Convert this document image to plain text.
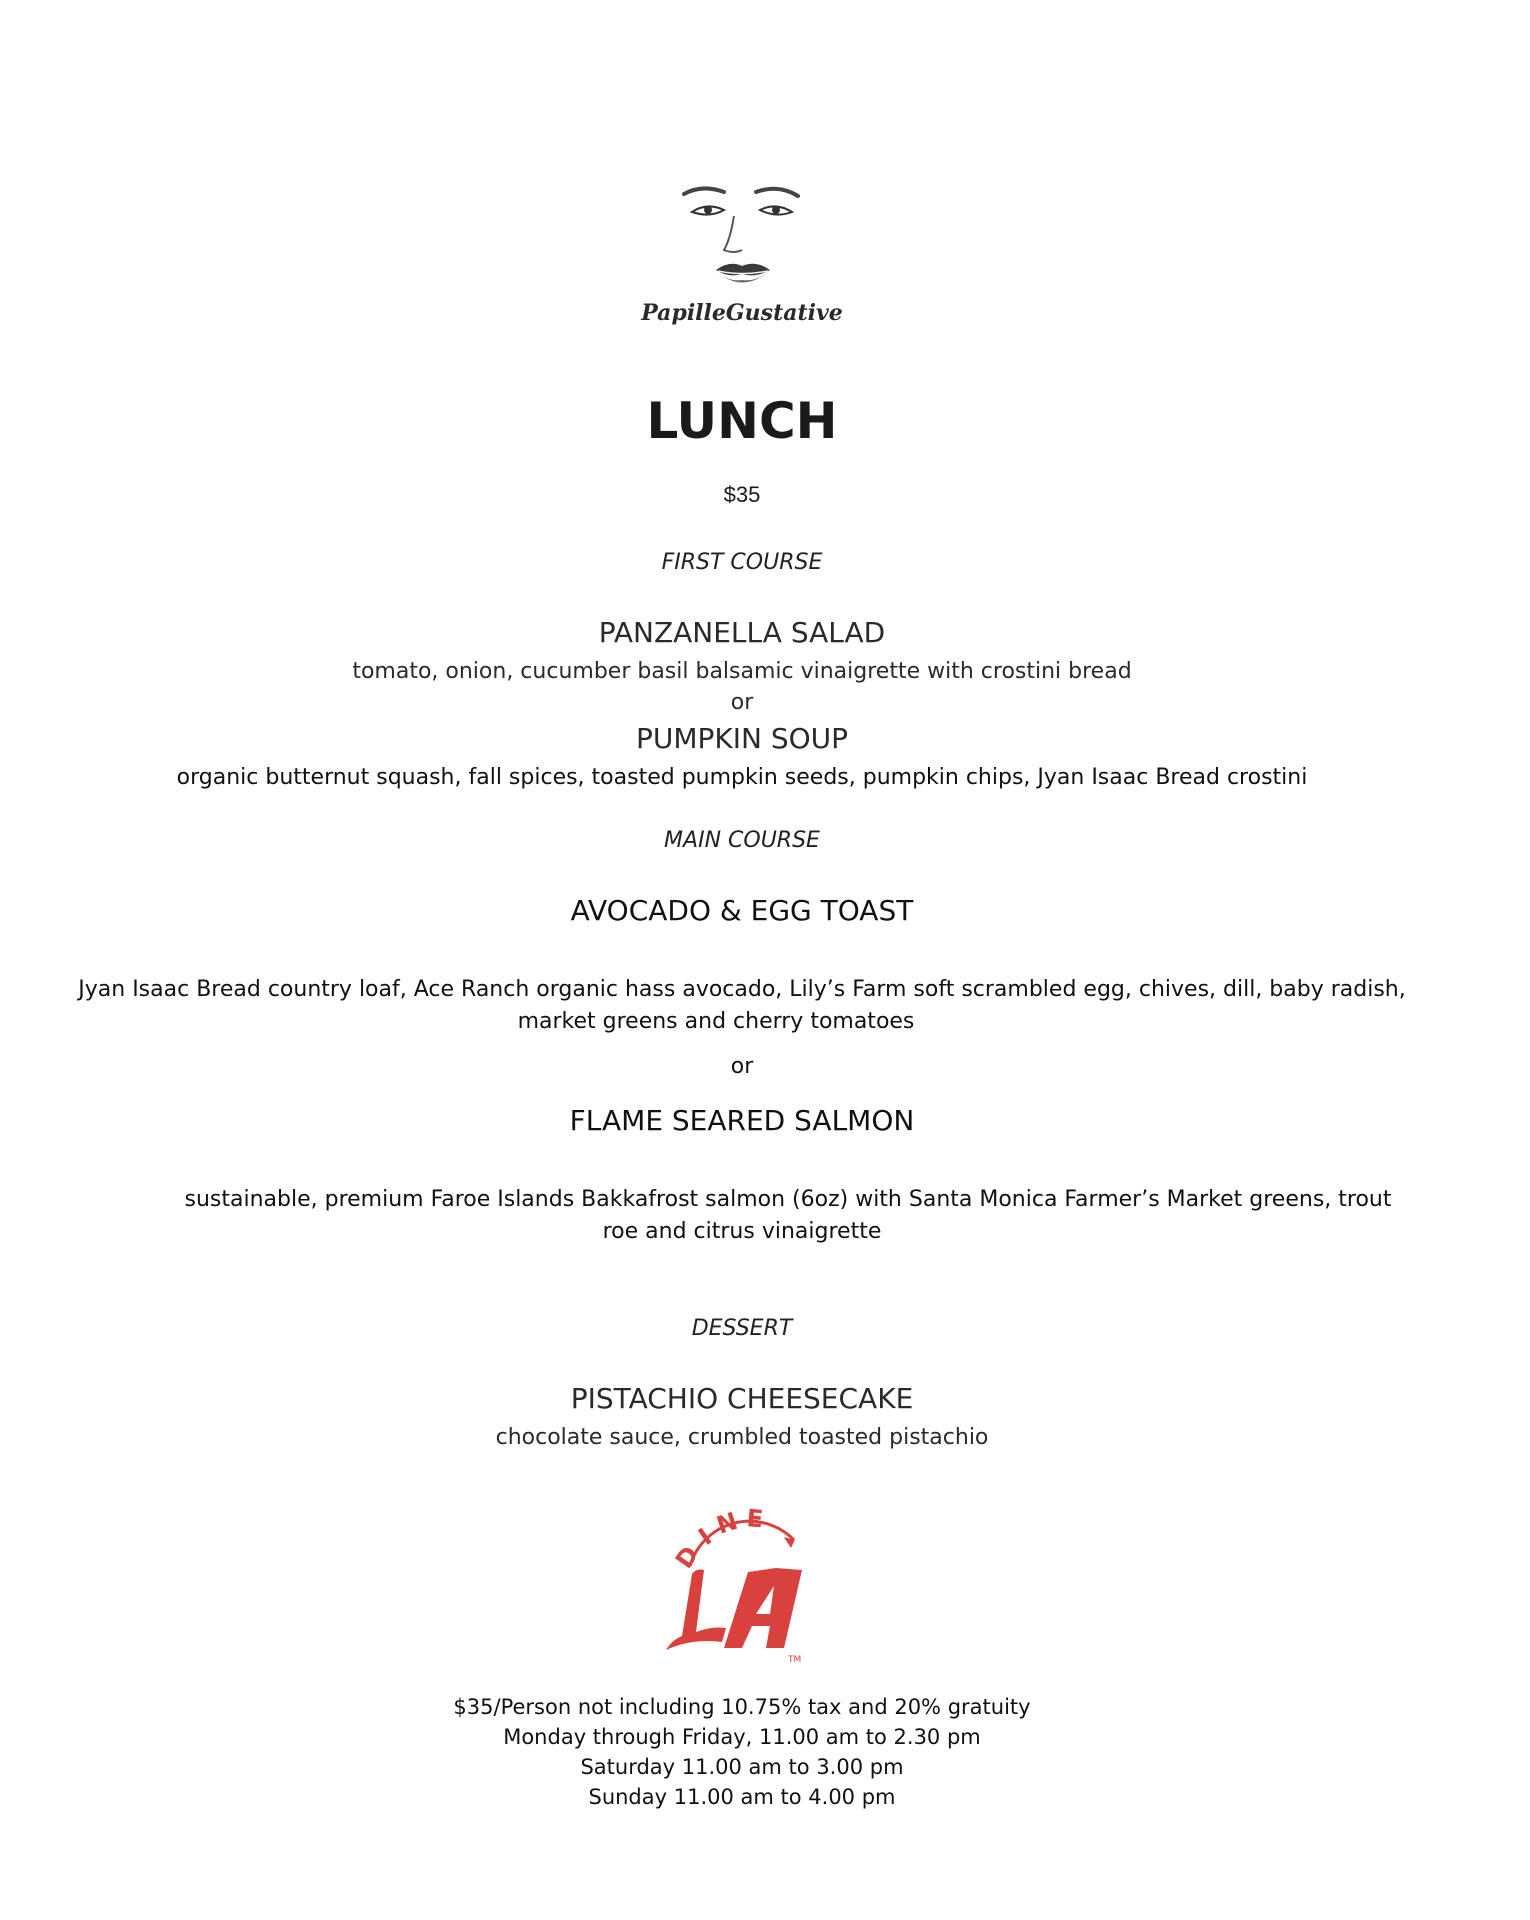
PapilleGustative
LUNCH
$35
FIRST COURSE
PANZANELLA SALAD
tomato, onion, cucumber basil balsamic vinaigrette with crostini bread
or
PUMPKIN SOUP
organic butternut squash, fall spices, toasted pumpkin seeds, pumpkin chips, Jyan Isaac Bread crostini
MAIN COURSE
AVOCADO & EGG TOAST
Jyan Isaac Bread country loaf, Ace Ranch organic hass avocado, Lily’s Farm soft scrambled egg, chives, dill, baby radish,
market greens and cherry tomatoes
or
FLAME SEARED SALMON
sustainable, premium Faroe Islands Bakkafrost salmon (6oz) with Santa Monica Farmer’s Market greens, trout
roe and citrus vinaigrette
DESSERT
PISTACHIO CHEESECAKE
chocolate sauce, crumbled toasted pistachio
D
I
N E
TM
$35/Person not including 10.75% tax and 20% gratuity
Monday through Friday, 11.00 am to 2.30 pm
Saturday 11.00 am to 3.00 pm
Sunday 11.00 am to 4.00 pm
